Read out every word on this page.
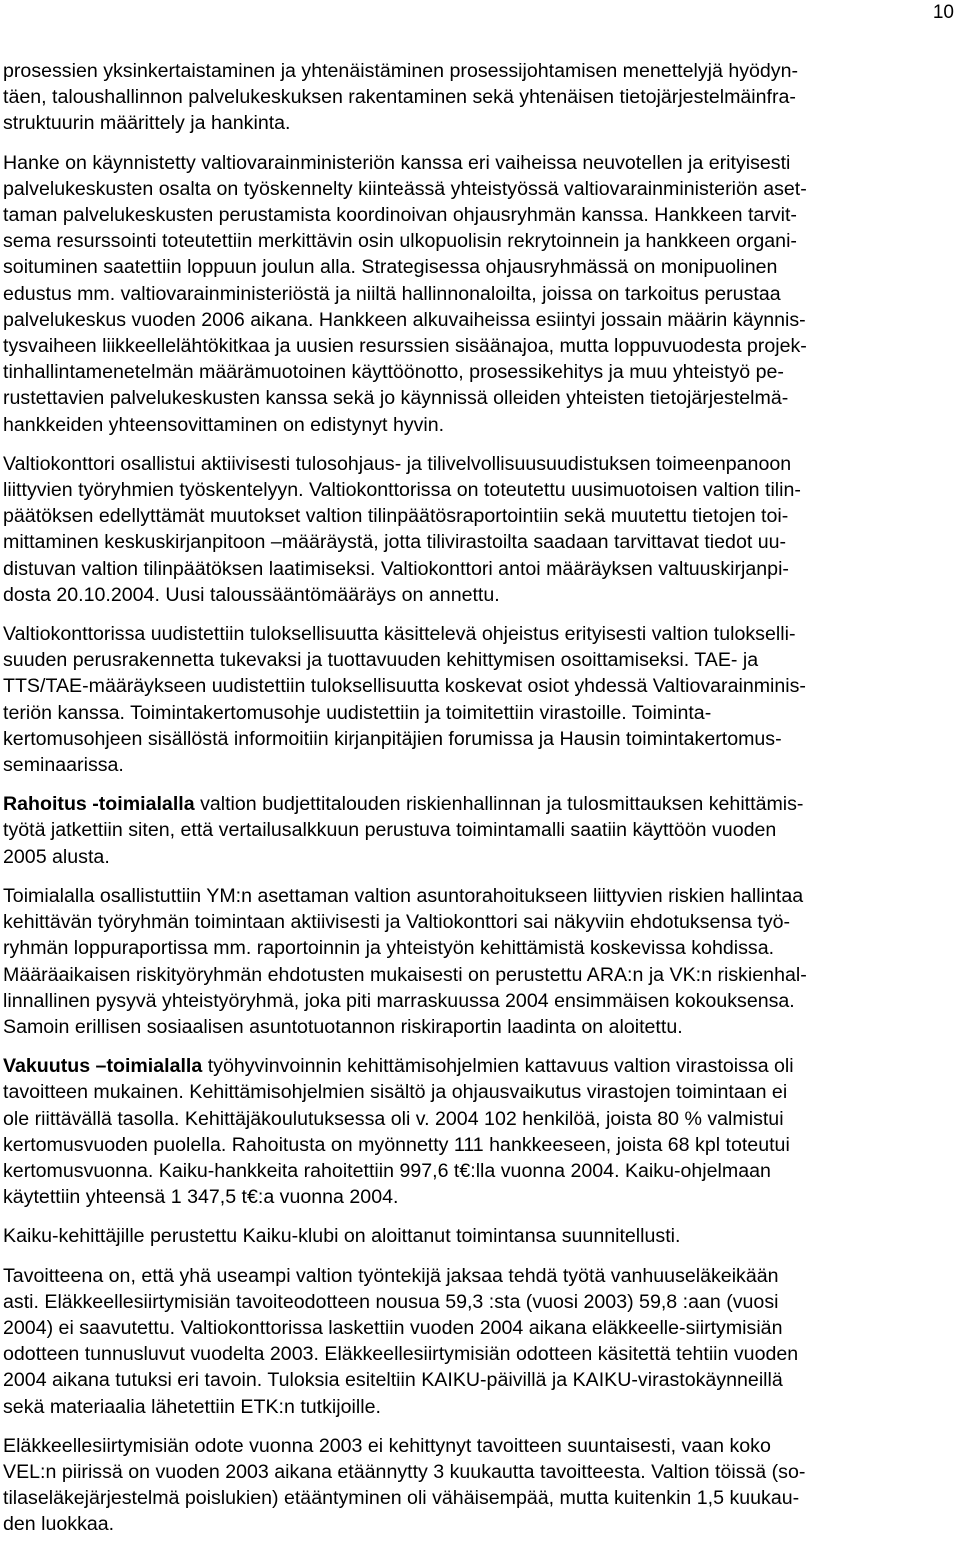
10

prosessien yksinkertaistaminen ja yhtenäistäminen prosessijohtamisen menettelyjä hyödyn-
täen, taloushallinnon palvelukeskuksen rakentaminen sekä yhtenäisen tietojärjestelmäinfra-
struktuurin määrittely ja hankinta.

Hanke on käynnistetty valtiovarainministeriön kanssa eri vaiheissa neuvotellen ja erityisesti
palvelukeskusten osalta on työskennelty kiinteässä yhteistyössä valtiovarainministeriön aset-
taman palvelukeskusten perustamista koordinoivan ohjausryhmän kanssa. Hankkeen tarvit-
sema resurssointi toteutettiin merkittävin osin ulkopuolisin rekrytoinnein ja hankkeen organi-
soituminen saatettiin loppuun joulun alla. Strategisessa ohjausryhmässä on monipuolinen
edustus mm. valtiovarainministeriöstä ja niiltä hallinnonaloilta, joissa on tarkoitus perustaa
palvelukeskus vuoden 2006 aikana. Hankkeen alkuvaiheissa esiintyi jossain määrin käynnis-
tysvaiheen liikkeellelähtökitkaa ja uusien resurssien sisäänajoa, mutta loppuvuodesta projek-
tinhallintamenetelmän määrämuotoinen käyttöönotto, prosessikehitys ja muu yhteistyö pe-
rustettavien palvelukeskusten kanssa sekä jo käynnissä olleiden yhteisten tietojärjestelmä-
hankkeiden yhteensovittaminen on edistynyt hyvin.

Valtiokonttori osallistui aktiivisesti tulosohjaus- ja tilivelvollisuusuudistuksen toimeenpanoon
liittyvien työryhmien työskentelyyn. Valtiokonttorissa on toteutettu uusimuotoisen valtion tilin-
päätöksen edellyttämät muutokset valtion tilinpäätösraportointiin sekä muutettu tietojen toi-
mittaminen keskuskirjanpitoon –määräystä, jotta tilivirastoilta saadaan tarvittavat tiedot uu-
distuvan valtion tilinpäätöksen laatimiseksi. Valtiokonttori antoi määräyksen valtuuskirjanpi-
dosta 20.10.2004. Uusi taloussääntömääräys on annettu.

Valtiokonttorissa uudistettiin tuloksellisuutta käsittelevä ohjeistus erityisesti valtion tulokselli-
suuden perusrakennetta tukevaksi ja tuottavuuden kehittymisen osoittamiseksi. TAE- ja
TTS/TAE-määräykseen uudistettiin tuloksellisuutta koskevat osiot yhdessä Valtiovarainminis-
teriön kanssa. Toimintakertomusohje uudistettiin ja toimitettiin virastoille. Toiminta-
kertomusohjeen sisällöstä informoitiin kirjanpitäjien forumissa ja Hausin toimintakertomus-
seminaarissa.

Rahoitus -toimialalla valtion budjettitalouden riskienhallinnan ja tulosmittauksen kehittämis-
työtä jatkettiin siten, että vertailusalkkuun perustuva toimintamalli saatiin käyttöön vuoden
2005 alusta.

Toimialalla osallistuttiin YM:n asettaman valtion asuntorahoitukseen liittyvien riskien hallintaa
kehittävän työryhmän toimintaan aktiivisesti ja Valtiokonttori sai näkyviin ehdotuksensa työ-
ryhmän loppuraportissa mm. raportoinnin ja yhteistyön kehittämistä koskevissa kohdissa.
Määräaikaisen riskityöryhmän ehdotusten mukaisesti on perustettu ARA:n ja VK:n riskienhal-
linnallinen pysyvä yhteistyöryhmä, joka piti marraskuussa 2004 ensimmäisen kokouksensa.
Samoin erillisen sosiaalisen asuntotuotannon riskiraportin laadinta on aloitettu.

Vakuutus –toimialalla työhyvinvoinnin kehittämisohjelmien kattavuus valtion virastoissa oli
tavoitteen mukainen. Kehittämisohjelmien sisältö ja ohjausvaikutus virastojen toimintaan ei
ole riittävällä tasolla. Kehittäjäkoulutuksessa oli v. 2004 102 henkilöä, joista 80 % valmistui
kertomusvuoden puolella. Rahoitusta on myönnetty 111 hankkeeseen, joista 68 kpl toteutui
kertomusvuonna. Kaiku-hankkeita rahoitettiin 997,6 t€:lla vuonna 2004. Kaiku-ohjelmaan
käytettiin yhteensä 1 347,5 t€:a vuonna 2004.

Kaiku-kehittäjille perustettu Kaiku-klubi on aloittanut toimintansa suunnitellusti.

Tavoitteena on, että yhä useampi valtion työntekijä jaksaa tehdä työtä vanhuuseläkeikään
asti. Eläkkeellesiirtymisiän tavoiteodotteen nousua 59,3 :sta (vuosi 2003) 59,8 :aan (vuosi
2004) ei saavutettu. Valtiokonttorissa laskettiin vuoden 2004 aikana eläkkeelle-siirtymisiän
odotteen tunnusluvut vuodelta 2003. Eläkkeellesiirtymisiän odotteen käsitettä tehtiin vuoden
2004 aikana tutuksi eri tavoin. Tuloksia esiteltiin KAIKU-päivillä ja KAIKU-virastokäynneillä
sekä materiaalia lähetettiin ETK:n tutkijoille.

Eläkkeellesiirtymisiän odote vuonna 2003 ei kehittynyt tavoitteen suuntaisesti, vaan koko
VEL:n piirissä on vuoden 2003 aikana etäännytty 3 kuukautta tavoitteesta. Valtion töissä (so-
tilaseläkejärjestelmä poislukien) etääntyminen oli vähäisempää, mutta kuitenkin 1,5 kuukau-
den luokkaa.
